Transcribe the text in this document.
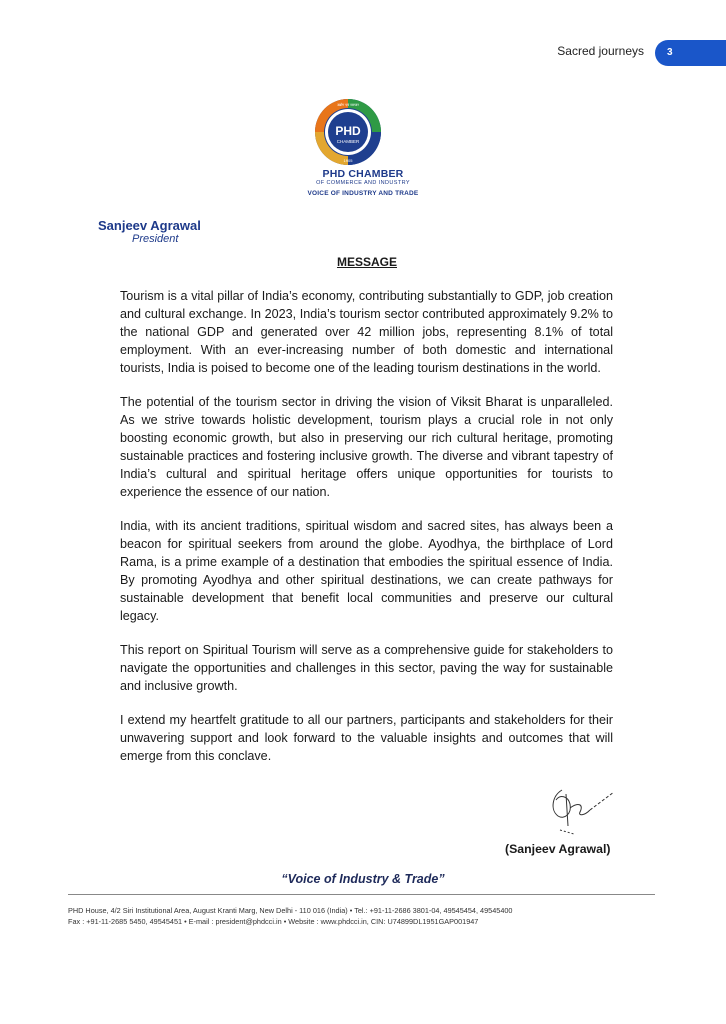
Sacred journeys	3
PHD
CHAMBER
उद्योग एवं व्यापार
1905
PHD CHAMBER
OF COMMERCE AND INDUSTRY
VOICE OF INDUSTRY AND TRADE
Sanjeev Agrawal
President
MESSAGE

Tourism is a vital pillar of India’s economy, contributing substantially to GDP, job creation and cultural exchange. In 2023, India’s tourism sector contributed approximately 9.2% to the national GDP and generated over 42 million jobs, representing 8.1% of total employment. With an ever-increasing number of both domestic and international tourists, India is poised to become one of the leading tourism destinations in the world.

The potential of the tourism sector in driving the vision of Viksit Bharat is unparalleled. As we strive towards holistic development, tourism plays a crucial role in not only boosting economic growth, but also in preserving our rich cultural heritage, promoting sustainable practices and fostering inclusive growth. The diverse and vibrant tapestry of India’s cultural and spiritual heritage offers unique opportunities for tourists to experience the essence of our nation.

India, with its ancient traditions, spiritual wisdom and sacred sites, has always been a beacon for spiritual seekers from around the globe. Ayodhya, the birthplace of Lord Rama, is a prime example of a destination that embodies the spiritual essence of India. By promoting Ayodhya and other spiritual destinations, we can create pathways for sustainable development that benefit local communities and preserve our cultural legacy.

This report on Spiritual Tourism will serve as a comprehensive guide for stakeholders to navigate the opportunities and challenges in this sector, paving the way for sustainable and inclusive growth.

I extend my heartfelt gratitude to all our partners, participants and stakeholders for their unwavering support and look forward to the valuable insights and outcomes that will emerge from this conclave.

(Sanjeev Agrawal)
“Voice of Industry & Trade”
PHD House, 4/2 Siri Institutional Area, August Kranti Marg, New Delhi - 110 016 (India) • Tel.: +91-11-2686 3801-04, 49545454, 49545400
Fax : +91-11-2685 5450, 49545451 • E-mail : president@phdcci.in • Website : www.phdcci.in, CIN: U74899DL1951GAP001947
